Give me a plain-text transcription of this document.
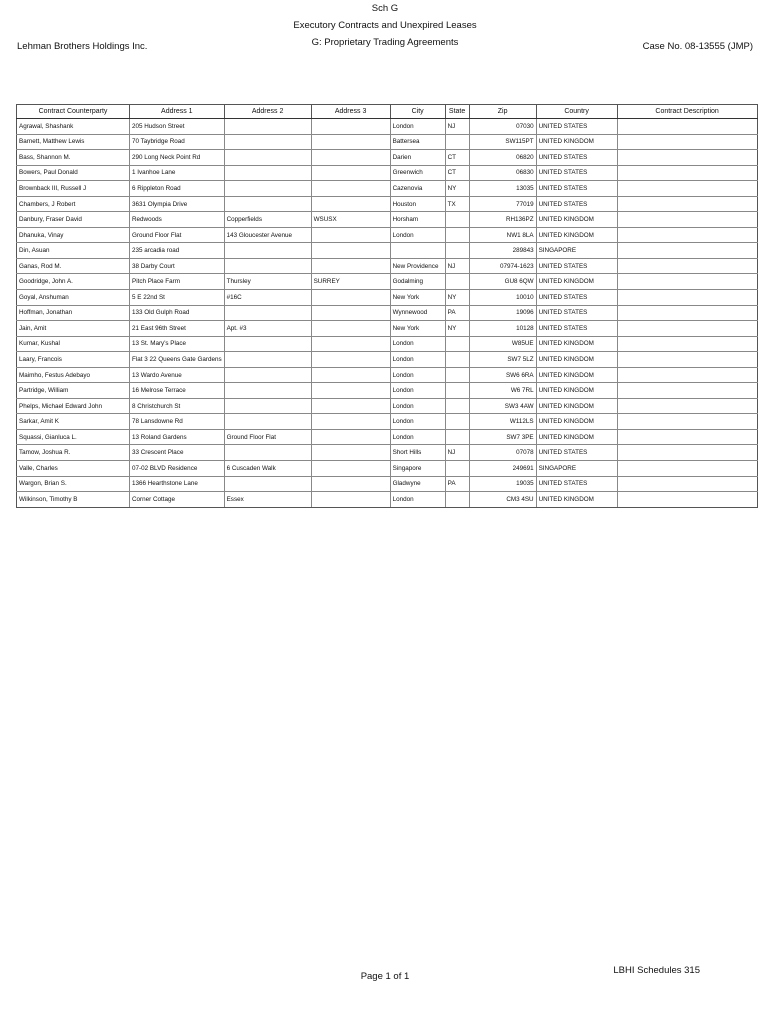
Lehman Brothers Holdings Inc.
Sch G
Executory Contracts and Unexpired Leases
G: Proprietary Trading Agreements	Case No. 08-13555 (JMP)
Contract Counterparty	Address 1	Address 2	Address 3	City	State	Zip	Country	Contract Description
Agrawal, Shashank	205 Hudson Street			London	NJ	07030	UNITED STATES	
Barnett, Matthew Lewis	70 Taybridge Road			Battersea		SW115PT	UNITED KINGDOM	
Bass, Shannon M.	290 Long Neck Point Rd			Darien	CT	06820	UNITED STATES	
Bowers, Paul Donald	1 Ivanhoe Lane			Greenwich	CT	06830	UNITED STATES	
Brownback III, Russell J	6 Rippleton Road			Cazenovia	NY	13035	UNITED STATES	
Chambers, J Robert	3631 Olympia Drive			Houston	TX	77019	UNITED STATES	
Danbury, Fraser David	Redwoods	Copperfields	WSUSX	Horsham		RH136PZ	UNITED KINGDOM	
Dhanuka, Vinay	Ground Floor Flat	143 Gloucester Avenue		London		NW1 8LA	UNITED KINGDOM	
Din, Asuan	235 arcadia road					289843	SINGAPORE	
Ganas, Rod M.	38 Darby Court			New Providence	NJ	07974-1623	UNITED STATES	
Goodridge, John A.	Pitch Place Farm	Thursley	SURREY	Godalming		GU8 6QW	UNITED KINGDOM	
Goyal, Anshuman	5 E 22nd St	#16C		New York	NY	10010	UNITED STATES	
Hoffman, Jonathan	133 Old Gulph Road			Wynnewood	PA	19096	UNITED STATES	
Jain, Amit	21 East 96th Street	Apt. #3		New York	NY	10128	UNITED STATES	
Kumar, Kushal	13 St. Mary's Place			London		W85UE	UNITED KINGDOM	
Laary, Francois	Flat 3 22 Queens Gate Gardens			London		SW7 5LZ	UNITED KINGDOM	
Maimho, Festus Adebayo	13 Wardo Avenue			London		SW6 6RA	UNITED KINGDOM	
Partridge, William	16 Melrose Terrace			London		W6 7RL	UNITED KINGDOM	
Phelps, Michael Edward John	8 Christchurch St			London		SW3 4AW	UNITED KINGDOM	
Sarkar, Amit K	78 Lansdowne Rd			London		W112LS	UNITED KINGDOM	
Squassi, Gianluca L.	13 Roland Gardens	Ground Floor Flat		London		SW7 3PE	UNITED KINGDOM	
Tamow, Joshua R.	33 Crescent Place			Short Hills	NJ	07078	UNITED STATES	
Valle, Charles	07-02 BLVD Residence	6 Cuscaden Walk		Singapore		249691	SINGAPORE	
Wargon, Brian S.	1366 Hearthstone Lane			Gladwyne	PA	19035	UNITED STATES	
Wilkinson, Timothy B	Corner Cottage	Essex		London		CM3 4SU	UNITED KINGDOM	
Page 1 of 1
LBHI Schedules 315
